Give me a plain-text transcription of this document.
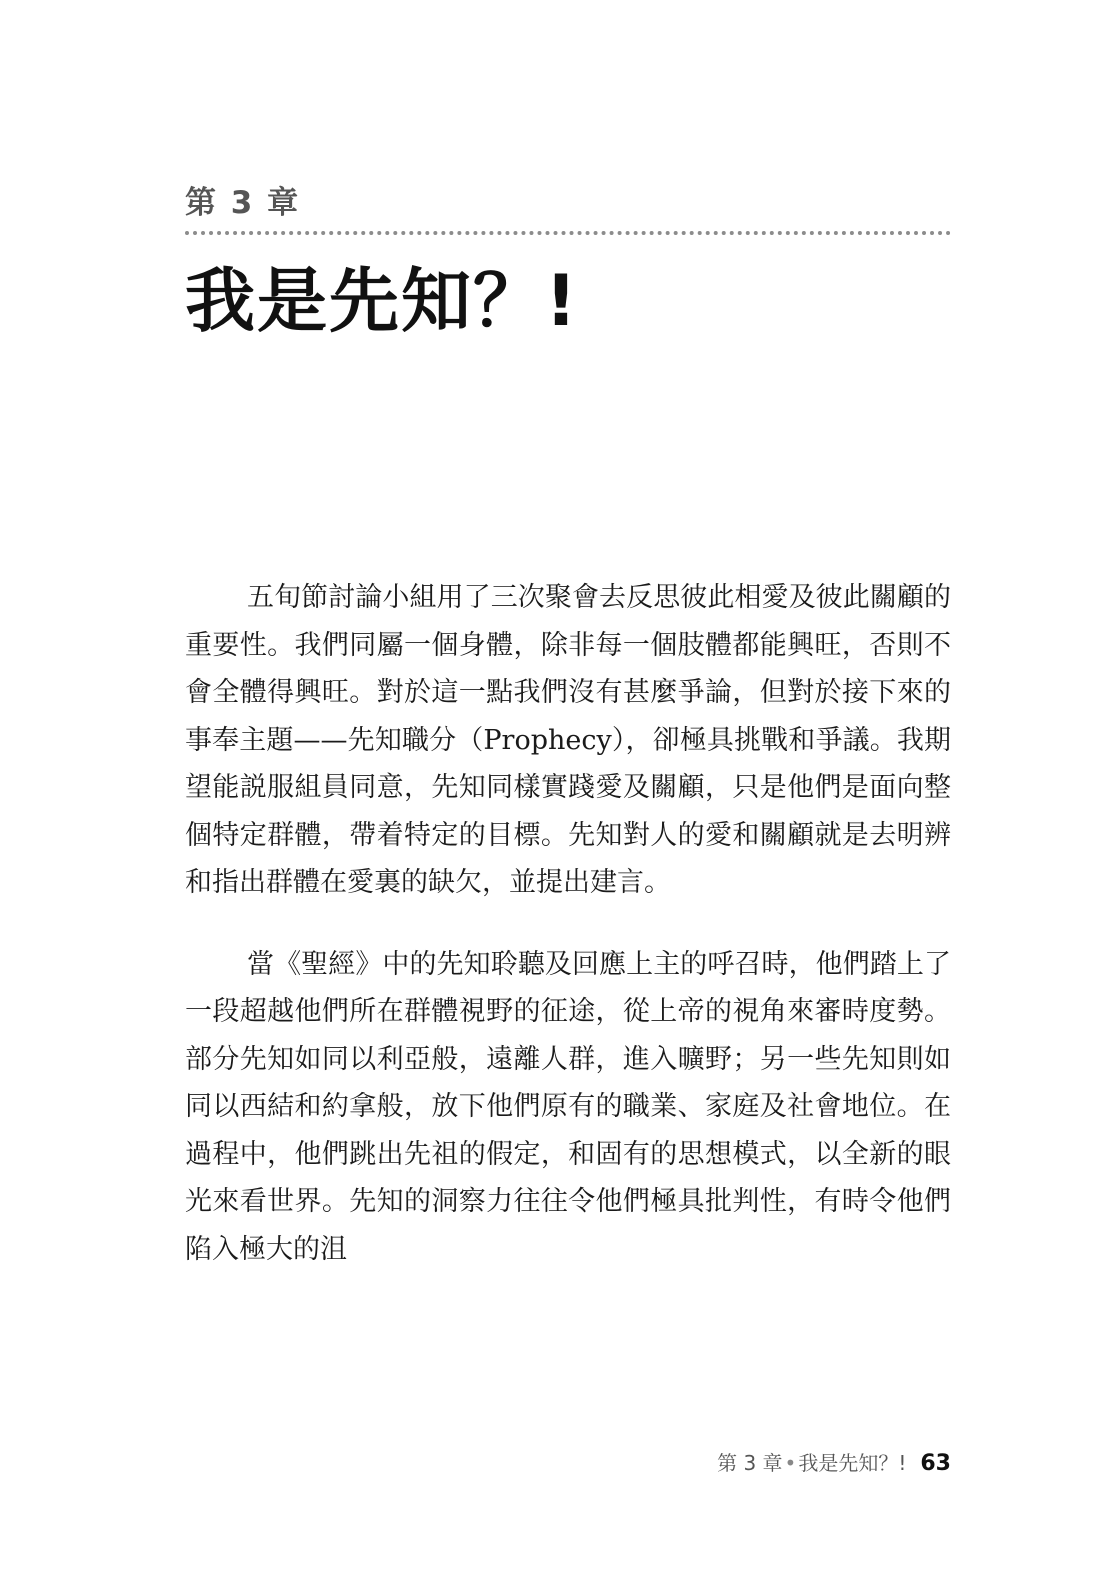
第 3 章
我是先知？!

五旬節討論小組用了三次聚會去反思彼此相愛及彼此關顧的重要性。我們同屬一個身體，除非每一個肢體都能興旺，否則不會全體得興旺。對於這一點我們沒有甚麼爭論，但對於接下來的事奉主題——先知職分（Prophecy），卻極具挑戰和爭議。我期望能説服組員同意，先知同樣實踐愛及關顧，只是他們是面向整個特定群體，帶着特定的目標。先知對人的愛和關顧就是去明辨和指出群體在愛裏的缺欠，並提出建言。

當《聖經》中的先知聆聽及回應上主的呼召時，他們踏上了一段超越他們所在群體視野的征途，從上帝的視角來審時度勢。部分先知如同以利亞般，遠離人群，進入曠野；另一些先知則如同以西結和約拿般，放下他們原有的職業、家庭及社會地位。在過程中，他們跳出先祖的假定，和固有的思想模式，以全新的眼光來看世界。先知的洞察力往往令他們極具批判性，有時令他們陷入極大的沮

第 3 章 • 我是先知？! 63
